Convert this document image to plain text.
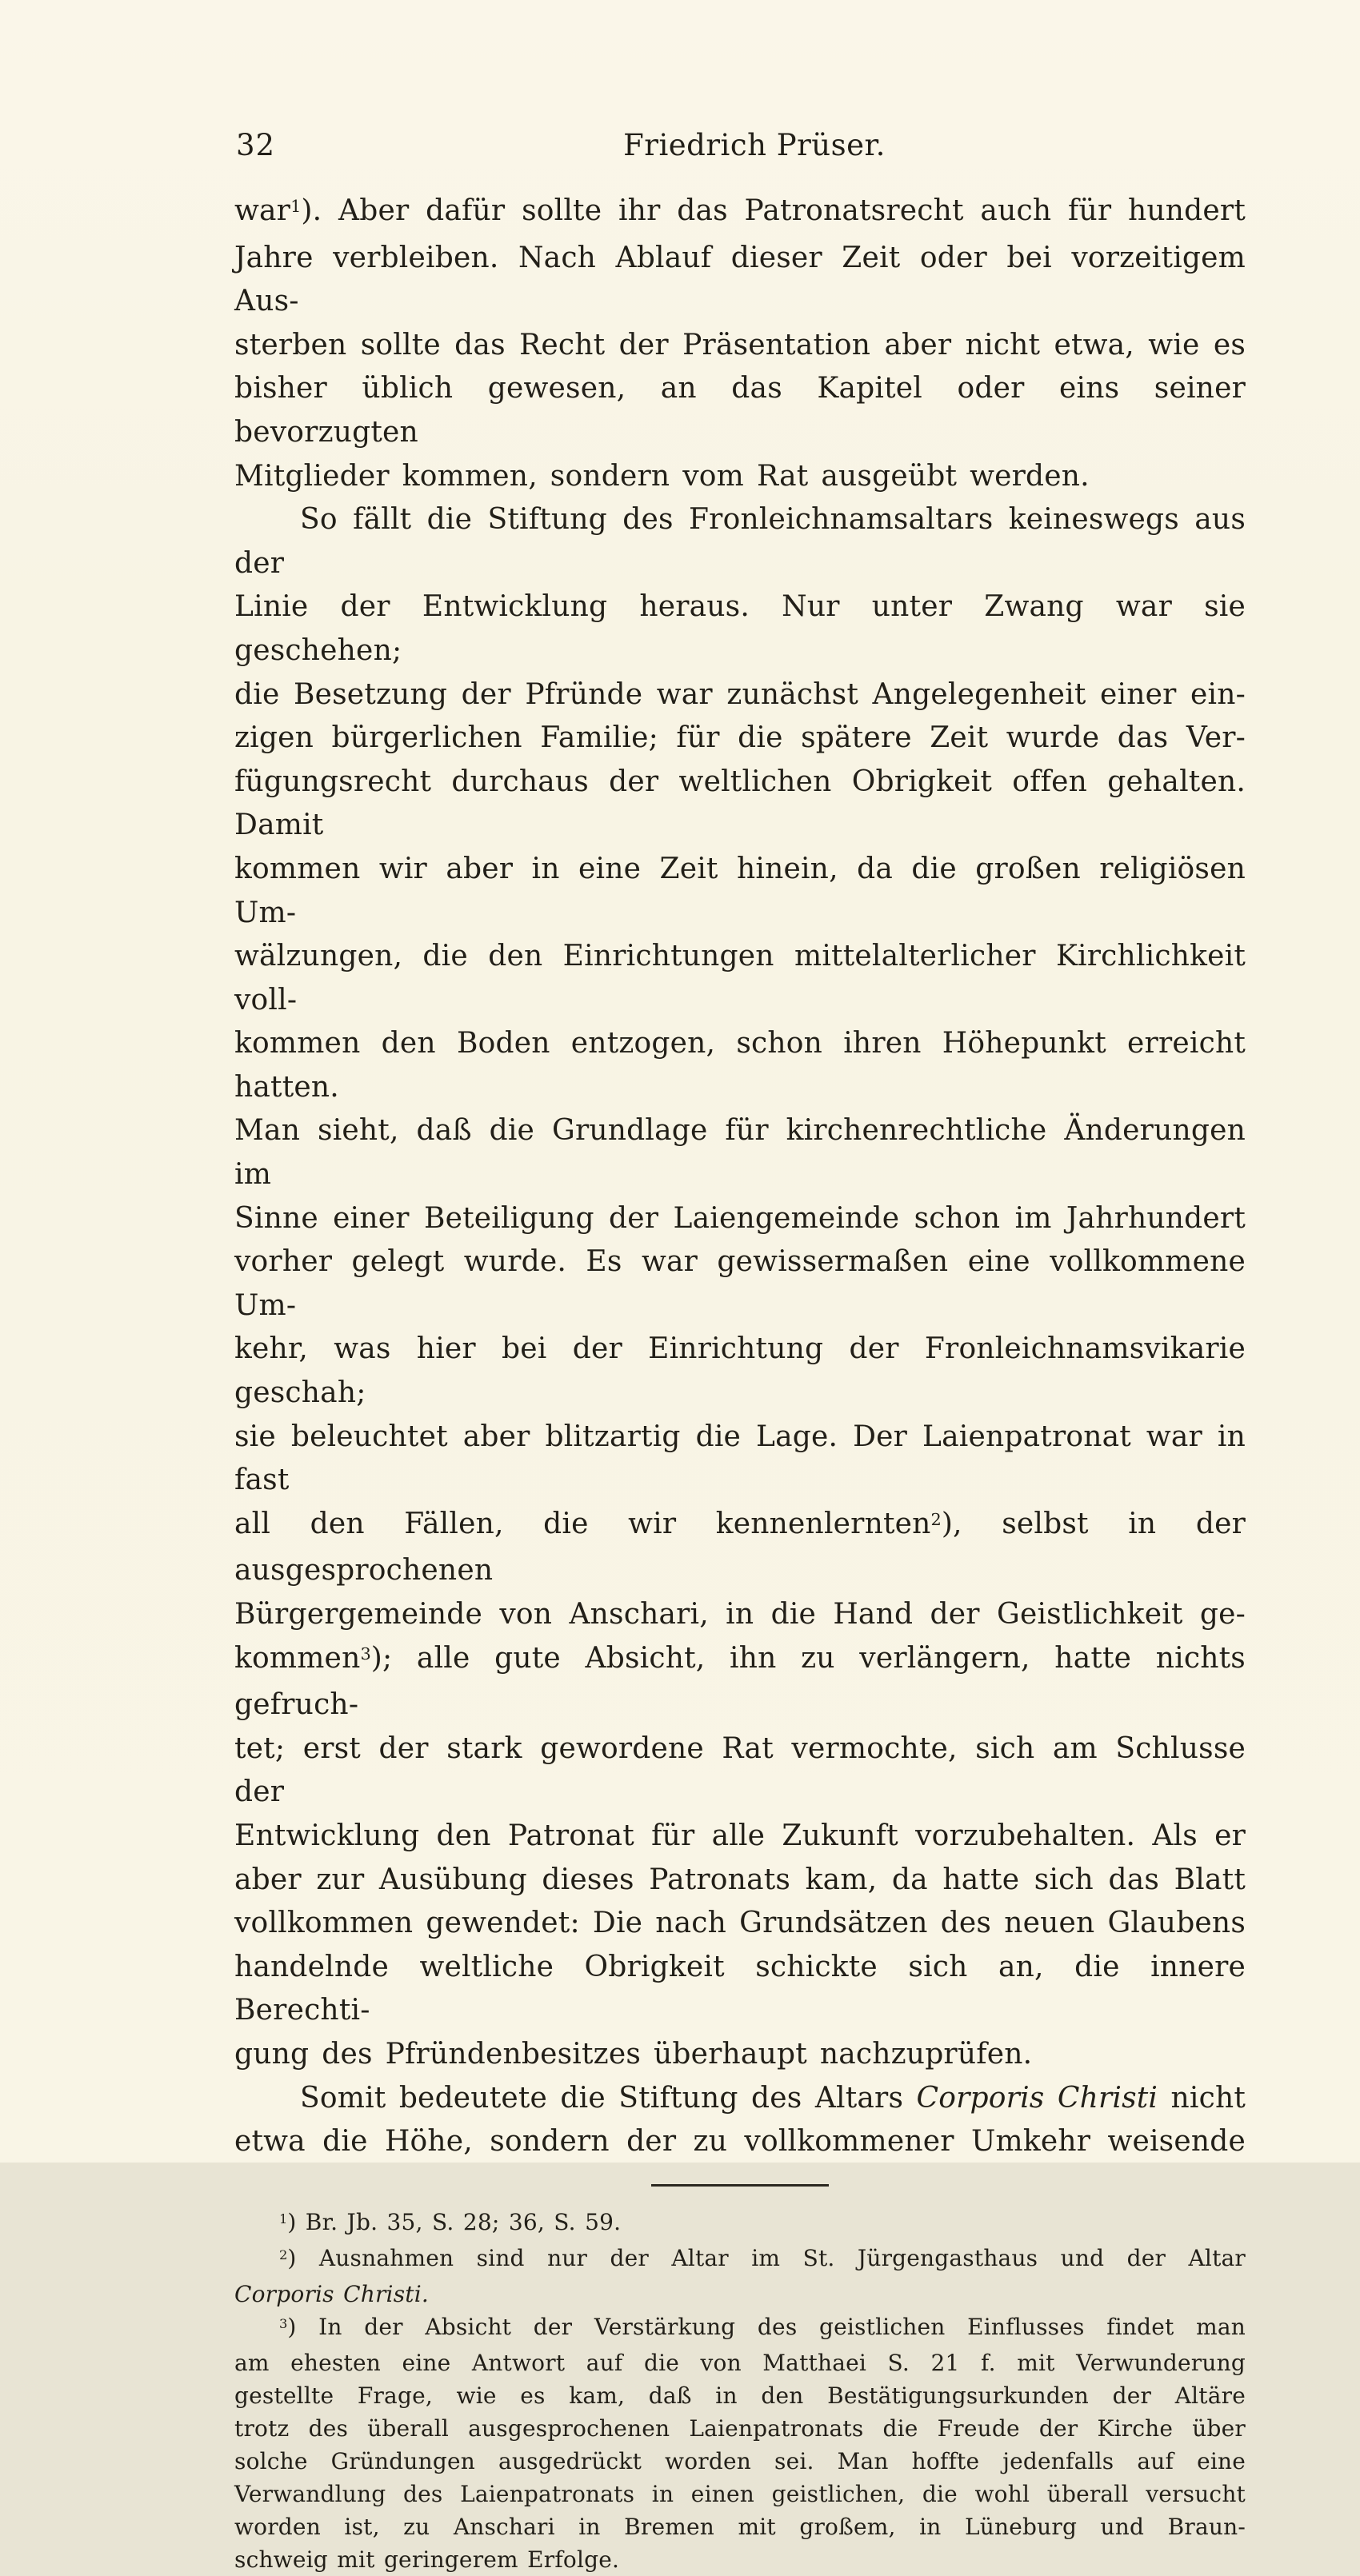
32	Friedrich Prüser.
war$^1$). Aber dafür sollte ihr das Patronatsrecht auch für hundert
Jahre verbleiben. Nach Ablauf dieser Zeit oder bei vorzeitigem Aus-
sterben sollte das Recht der Präsentation aber nicht etwa, wie es
bisher üblich gewesen, an das Kapitel oder eins seiner bevorzugten
Mitglieder kommen, sondern vom Rat ausgeübt werden.
So fällt die Stiftung des Fronleichnamsaltars keineswegs aus der
Linie der Entwicklung heraus. Nur unter Zwang war sie geschehen;
die Besetzung der Pfründe war zunächst Angelegenheit einer ein-
zigen bürgerlichen Familie; für die spätere Zeit wurde das Ver-
fügungsrecht durchaus der weltlichen Obrigkeit offen gehalten. Damit
kommen wir aber in eine Zeit hinein, da die großen religiösen Um-
wälzungen, die den Einrichtungen mittelalterlicher Kirchlichkeit voll-
kommen den Boden entzogen, schon ihren Höhepunkt erreicht hatten.
Man sieht, daß die Grundlage für kirchenrechtliche Änderungen im
Sinne einer Beteiligung der Laiengemeinde schon im Jahrhundert
vorher gelegt wurde. Es war gewissermaßen eine vollkommene Um-
kehr, was hier bei der Einrichtung der Fronleichnamsvikarie geschah;
sie beleuchtet aber blitzartig die Lage. Der Laienpatronat war in fast
all den Fällen, die wir kennenlernten$^2$), selbst in der ausgesprochenen
Bürgergemeinde von Anschari, in die Hand der Geistlichkeit ge-
kommen$^3$); alle gute Absicht, ihn zu verlängern, hatte nichts gefruch-
tet; erst der stark gewordene Rat vermochte, sich am Schlusse der
Entwicklung den Patronat für alle Zukunft vorzubehalten. Als er
aber zur Ausübung dieses Patronats kam, da hatte sich das Blatt
vollkommen gewendet: Die nach Grundsätzen des neuen Glaubens
handelnde weltliche Obrigkeit schickte sich an, die innere Berechti-
gung des Pfründenbesitzes überhaupt nachzuprüfen.
Somit bedeutete die Stiftung des Altars Corporis Christi nicht
etwa die Höhe, sondern der zu vollkommener Umkehr weisende
$^1$) Br. Jb. 35, S. 28; 36, S. 59.
$^2$) Ausnahmen sind nur der Altar im St. Jürgengasthaus und der Altar
Corporis Christi.
$^3$) In der Absicht der Verstärkung des geistlichen Einflusses findet man
am ehesten eine Antwort auf die von Matthaei S. 21 f. mit Verwunderung
gestellte Frage, wie es kam, daß in den Bestätigungsurkunden der Altäre
trotz des überall ausgesprochenen Laienpatronats die Freude der Kirche über
solche Gründungen ausgedrückt worden sei. Man hoffte jedenfalls auf eine
Verwandlung des Laienpatronats in einen geistlichen, die wohl überall versucht
worden ist, zu Anschari in Bremen mit großem, in Lüneburg und Braun-
schweig mit geringerem Erfolge.
